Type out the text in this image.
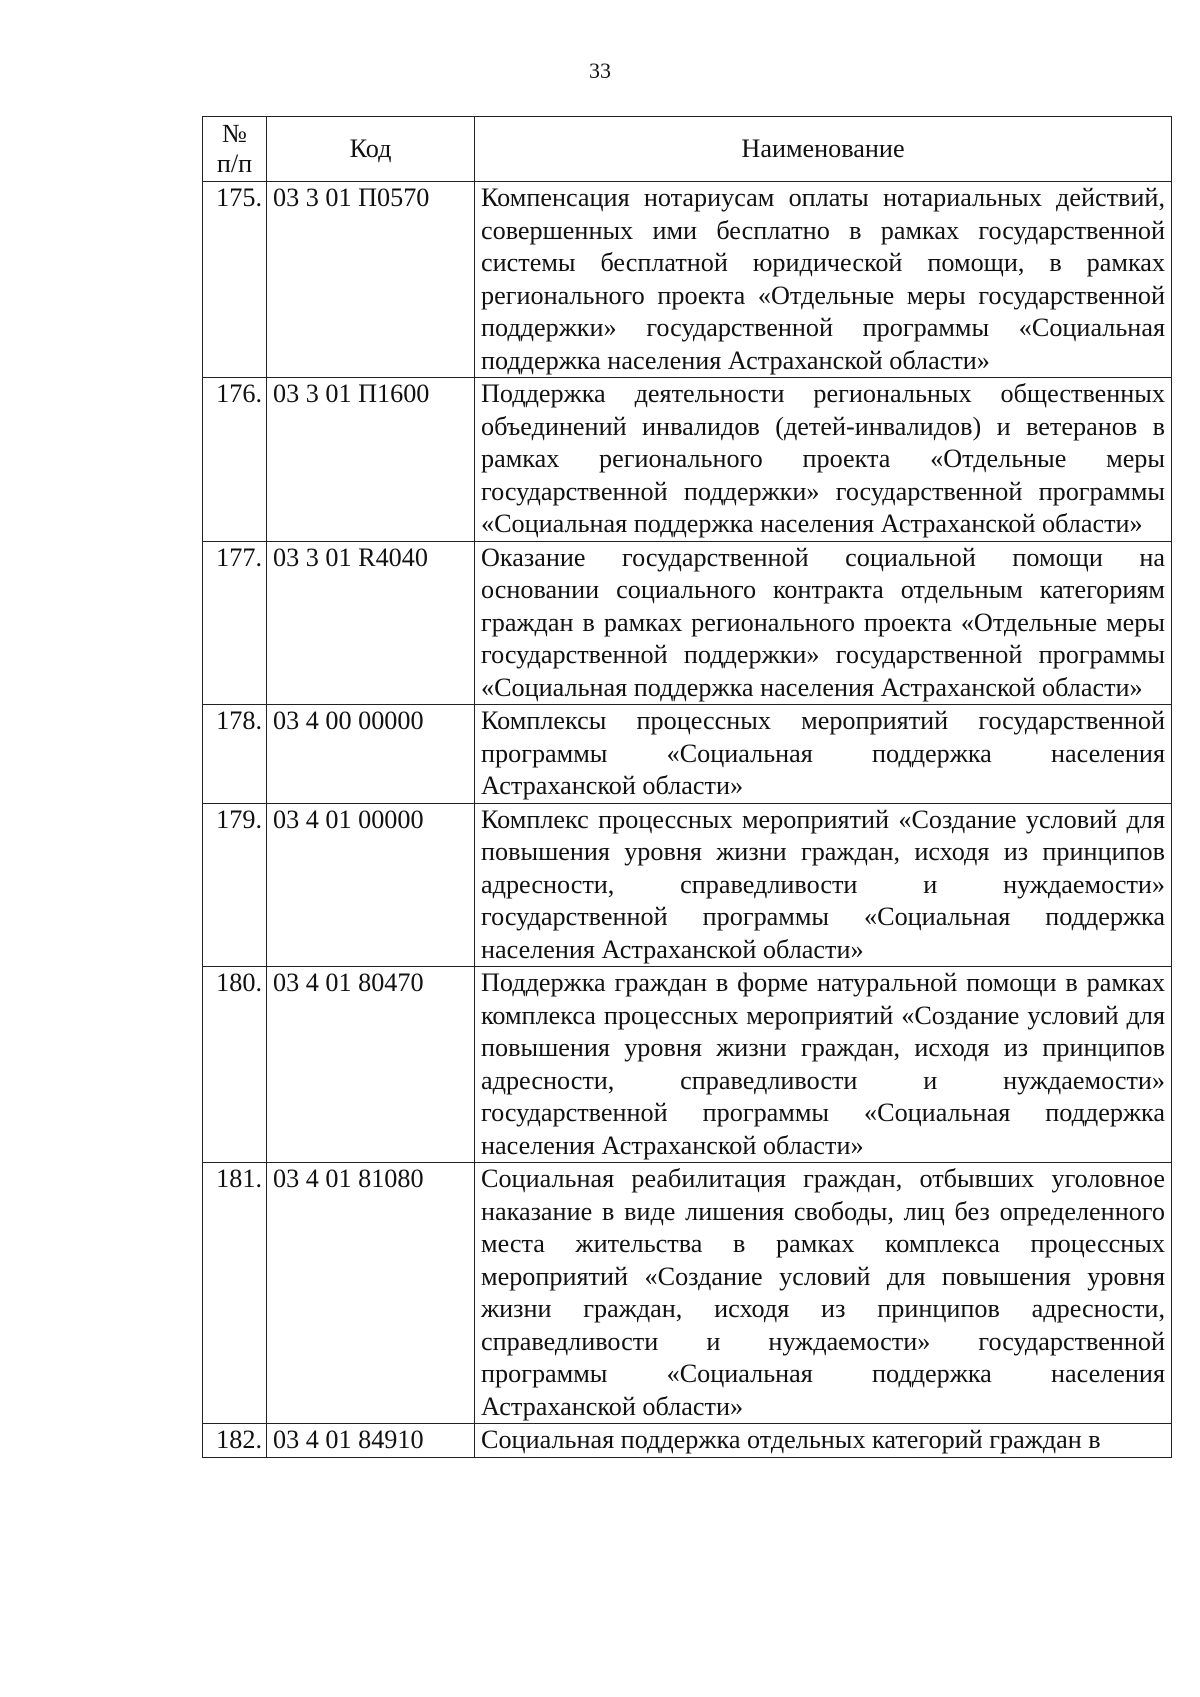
33
№
п/п	Код	Наименование
175.	03 3 01 П0570	Компенсация нотариусам оплаты нотариальных действий, совершенных ими бесплатно в рамках государственной системы бесплатной юридической помощи, в рамках регионального проекта «Отдельные меры государственной поддержки» государственной программы «Социальная поддержка населения Астраханской области»
176.	03 3 01 П1600	Поддержка деятельности региональных общественных объединений инвалидов (детей-инвалидов) и ветеранов в рамках регионального проекта «Отдельные меры государственной поддержки» государственной программы «Социальная поддержка населения Астраханской области»
177.	03 3 01 R4040	Оказание государственной социальной помощи на основании социального контракта отдельным категориям граждан в рамках регионального проекта «Отдельные меры государственной поддержки» государственной программы «Социальная поддержка населения Астраханской области»
178.	03 4 00 00000	Комплексы процессных мероприятий государственной программы «Социальная поддержка населения Астраханской области»
179.	03 4 01 00000	Комплекс процессных мероприятий «Создание условий для повышения уровня жизни граждан, исходя из принципов адресности, справедливости и нуждаемости» государственной программы «Социальная поддержка населения Астраханской области»
180.	03 4 01 80470	Поддержка граждан в форме натуральной помощи в рамках комплекса процессных мероприятий «Создание условий для повышения уровня жизни граждан, исходя из принципов адресности, справедливости и нуждаемости» государственной программы «Социальная поддержка населения Астраханской области»
181.	03 4 01 81080	Социальная реабилитация граждан, отбывших уголовное наказание в виде лишения свободы, лиц без определенного места жительства в рамках комплекса процессных мероприятий «Создание условий для повышения уровня жизни граждан, исходя из принципов адресности, справедливости и нуждаемости» государственной программы «Социальная поддержка населения Астраханской области»
182.	03 4 01 84910	Социальная поддержка отдельных категорий граждан в
